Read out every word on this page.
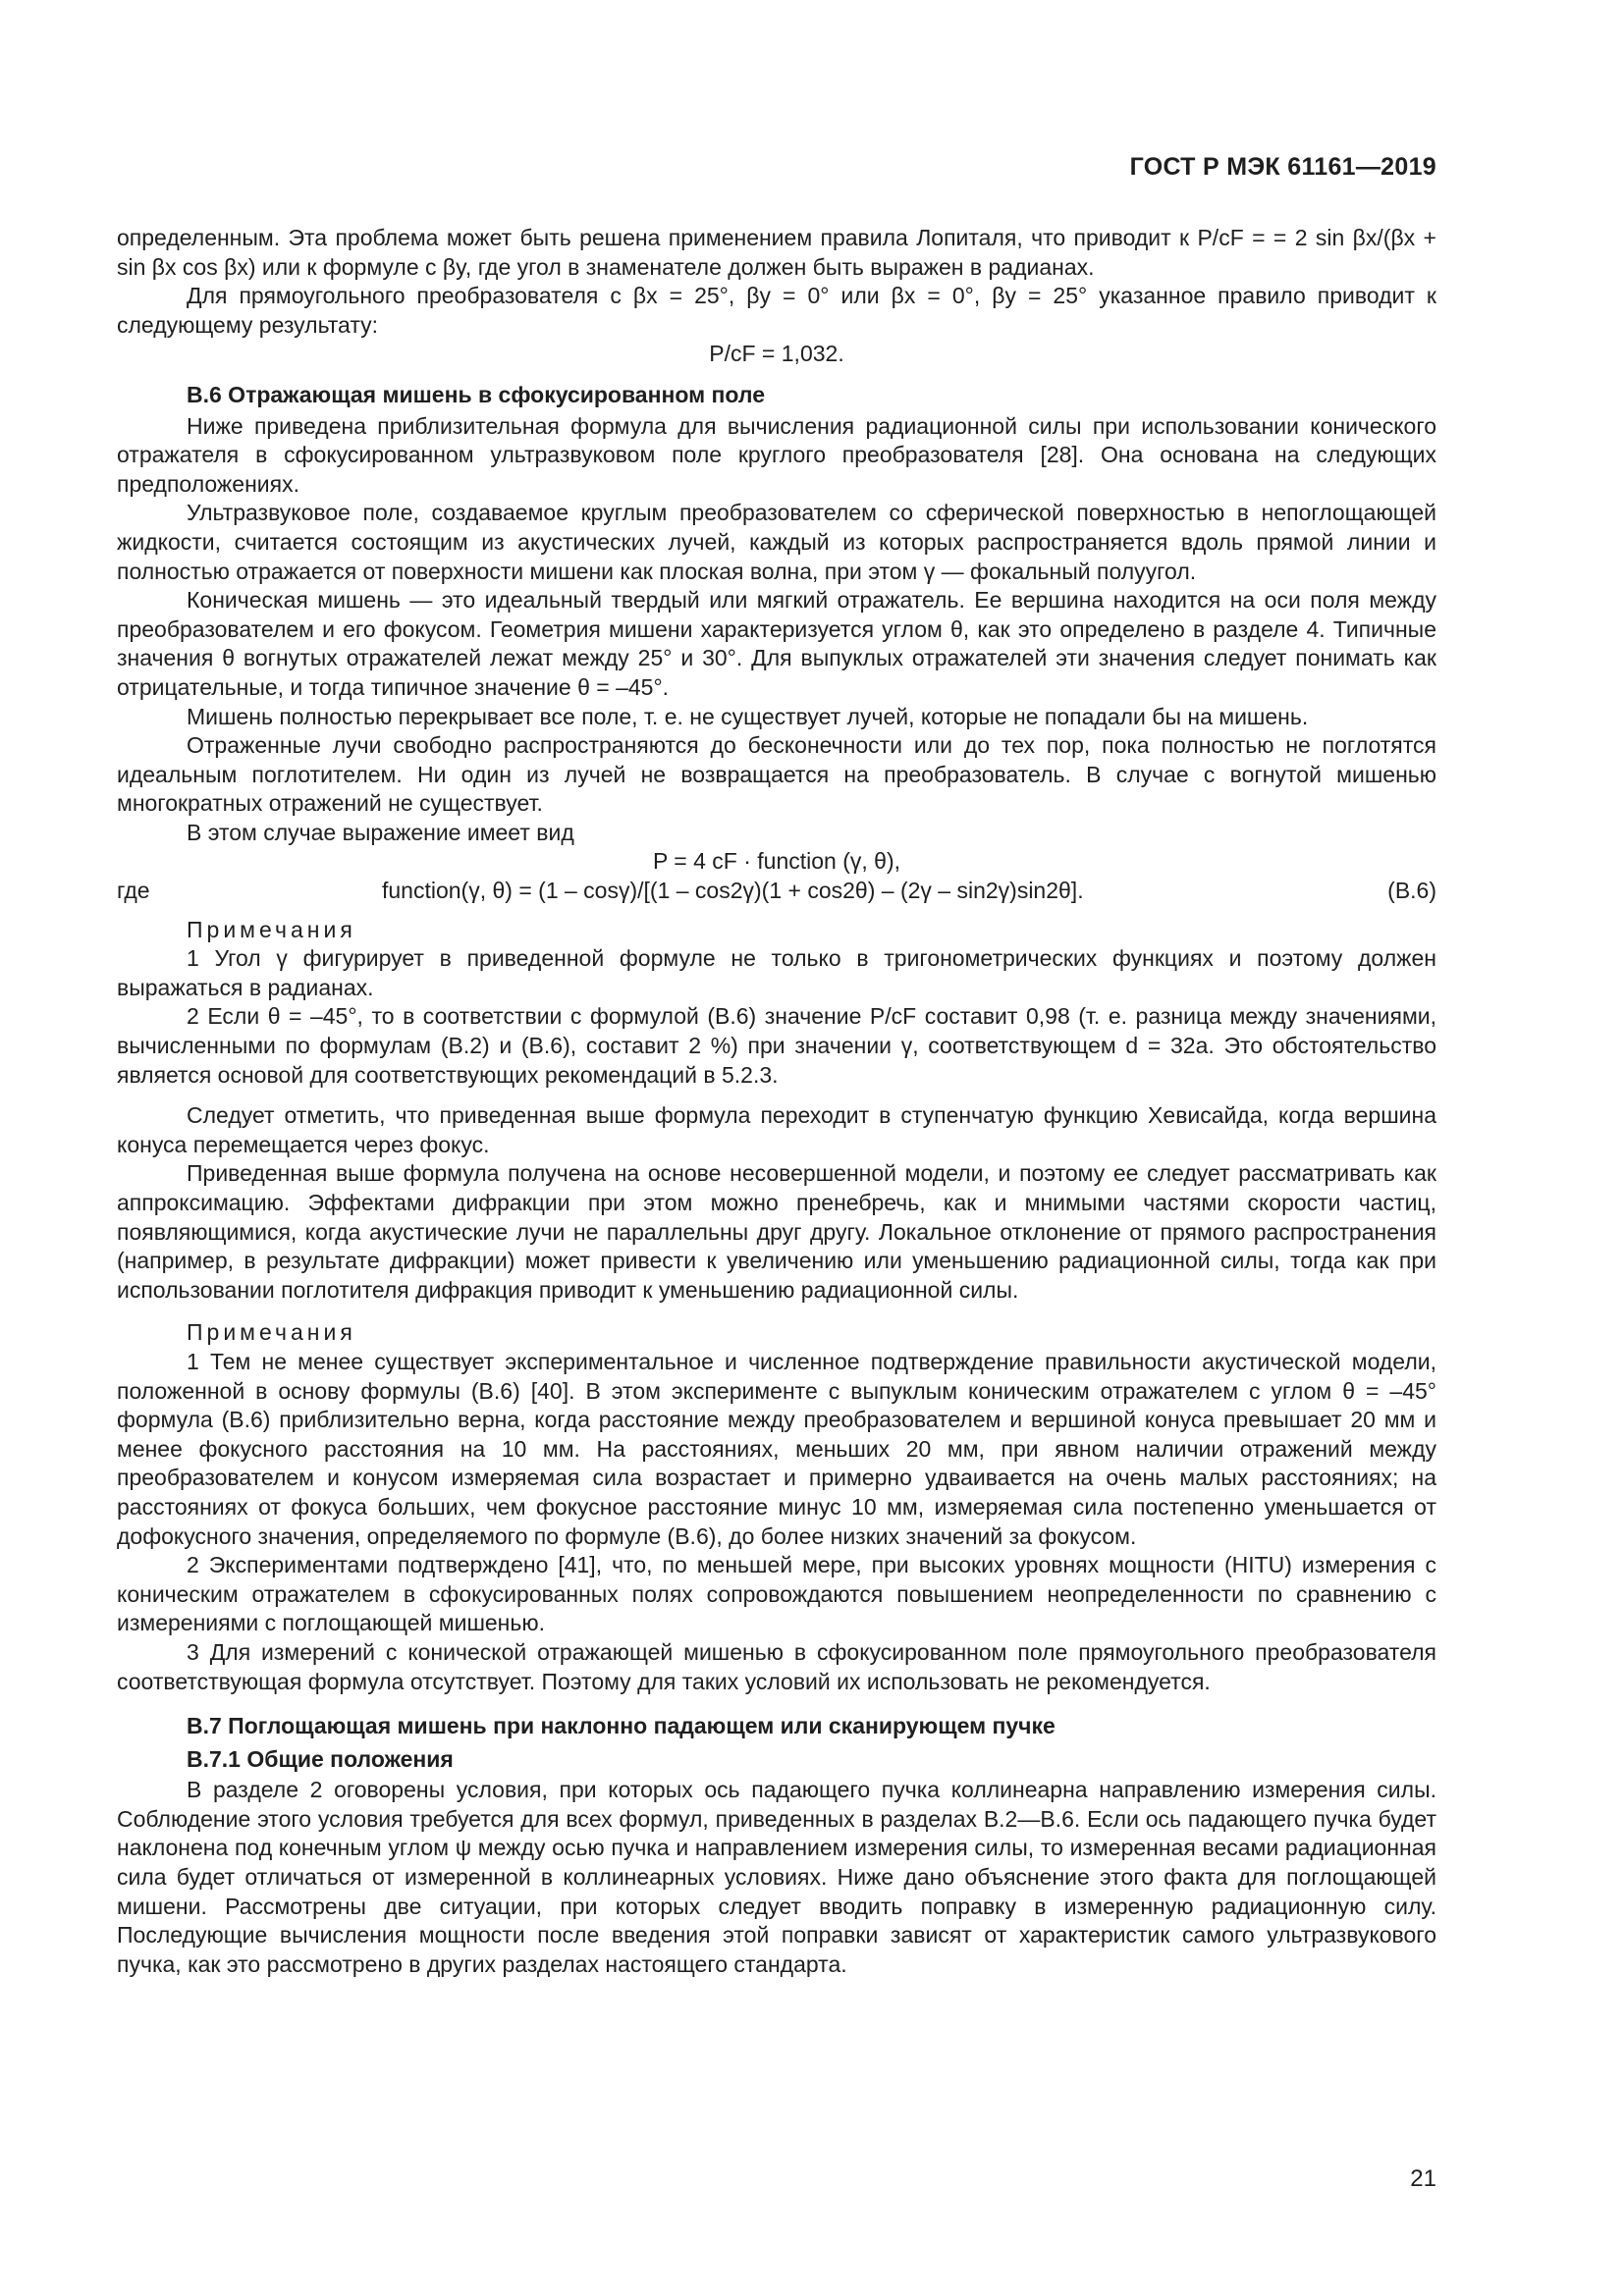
ГОСТ Р МЭК 61161—2019

определенным. Эта проблема может быть решена применением правила Лопиталя, что приводит к P/cF = = 2 sin βx/(βx + sin βx cos βx) или к формуле с βy, где угол в знаменателе должен быть выражен в радианах.

Для прямоугольного преобразователя с βx = 25°, βy = 0° или βx = 0°, βy = 25° указанное правило приводит к следующему результату:

P/cF = 1,032.

В.6 Отражающая мишень в сфокусированном поле

Ниже приведена приблизительная формула для вычисления радиационной силы при использовании конического отражателя в сфокусированном ультразвуковом поле круглого преобразователя [28]. Она основана на следующих предположениях.

Ультразвуковое поле, создаваемое круглым преобразователем со сферической поверхностью в непоглощающей жидкости, считается состоящим из акустических лучей, каждый из которых распространяется вдоль прямой линии и полностью отражается от поверхности мишени как плоская волна, при этом γ — фокальный полуугол.

Коническая мишень — это идеальный твердый или мягкий отражатель. Ее вершина находится на оси поля между преобразователем и его фокусом. Геометрия мишени характеризуется углом θ, как это определено в разделе 4. Типичные значения θ вогнутых отражателей лежат между 25° и 30°. Для выпуклых отражателей эти значения следует понимать как отрицательные, и тогда типичное значение θ = –45°.

Мишень полностью перекрывает все поле, т. е. не существует лучей, которые не попадали бы на мишень.

Отраженные лучи свободно распространяются до бесконечности или до тех пор, пока полностью не поглотятся идеальным поглотителем. Ни один из лучей не возвращается на преобразователь. В случае с вогнутой мишенью многократных отражений не существует.

В этом случае выражение имеет вид

P = 4 cF · function (γ, θ),

где	function(γ, θ) = (1 – cosγ)/[(1 – cos2γ)(1 + cos2θ) – (2γ – sin2γ)sin2θ].	(B.6)

Примечания

1 Угол γ фигурирует в приведенной формуле не только в тригонометрических функциях и поэтому должен выражаться в радианах.

2 Если θ = –45°, то в соответствии с формулой (В.6) значение P/cF составит 0,98 (т. е. разница между значениями, вычисленными по формулам (В.2) и (В.6), составит 2 %) при значении γ, соответствующем d = 32a. Это обстоятельство является основой для соответствующих рекомендаций в 5.2.3.

Следует отметить, что приведенная выше формула переходит в ступенчатую функцию Хевисайда, когда вершина конуса перемещается через фокус.

Приведенная выше формула получена на основе несовершенной модели, и поэтому ее следует рассматривать как аппроксимацию. Эффектами дифракции при этом можно пренебречь, как и мнимыми частями скорости частиц, появляющимися, когда акустические лучи не параллельны друг другу. Локальное отклонение от прямого распространения (например, в результате дифракции) может привести к увеличению или уменьшению радиационной силы, тогда как при использовании поглотителя дифракция приводит к уменьшению радиационной силы.

Примечания

1 Тем не менее существует экспериментальное и численное подтверждение правильности акустической модели, положенной в основу формулы (В.6) [40]. В этом эксперименте с выпуклым коническим отражателем с углом θ = –45° формула (В.6) приблизительно верна, когда расстояние между преобразователем и вершиной конуса превышает 20 мм и менее фокусного расстояния на 10 мм. На расстояниях, меньших 20 мм, при явном наличии отражений между преобразователем и конусом измеряемая сила возрастает и примерно удваивается на очень малых расстояниях; на расстояниях от фокуса больших, чем фокусное расстояние минус 10 мм, измеряемая сила постепенно уменьшается от дофокусного значения, определяемого по формуле (В.6), до более низких значений за фокусом.

2 Экспериментами подтверждено [41], что, по меньшей мере, при высоких уровнях мощности (HITU) измерения с коническим отражателем в сфокусированных полях сопровождаются повышением неопределенности по сравнению с измерениями с поглощающей мишенью.

3 Для измерений с конической отражающей мишенью в сфокусированном поле прямоугольного преобразователя соответствующая формула отсутствует. Поэтому для таких условий их использовать не рекомендуется.

В.7 Поглощающая мишень при наклонно падающем или сканирующем пучке

В.7.1 Общие положения

В разделе 2 оговорены условия, при которых ось падающего пучка коллинеарна направлению измерения силы. Соблюдение этого условия требуется для всех формул, приведенных в разделах В.2—В.6. Если ось падающего пучка будет наклонена под конечным углом ψ между осью пучка и направлением измерения силы, то измеренная весами радиационная сила будет отличаться от измеренной в коллинеарных условиях. Ниже дано объяснение этого факта для поглощающей мишени. Рассмотрены две ситуации, при которых следует вводить поправку в измеренную радиационную силу. Последующие вычисления мощности после введения этой поправки зависят от характеристик самого ультразвукового пучка, как это рассмотрено в других разделах настоящего стандарта.

21
